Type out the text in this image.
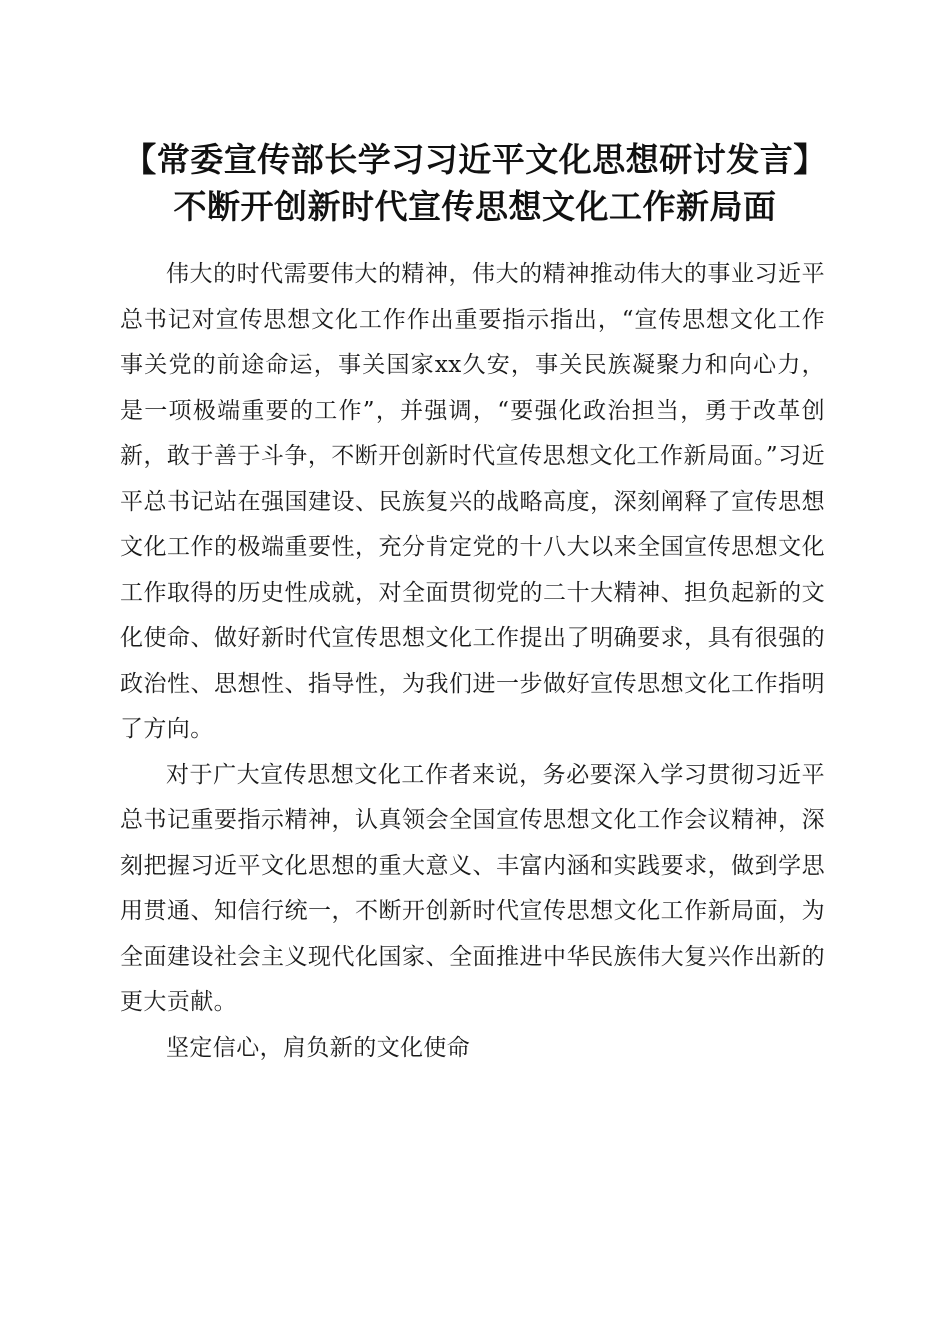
【常委宣传部长学习习近平文化思想研讨发言】不断开创新时代宣传思想文化工作新局面

伟大的时代需要伟大的精神，伟大的精神推动伟大的事业习近平总书记对宣传思想文化工作作出重要指示指出，“宣传思想文化工作事关党的前途命运，事关国家xx久安，事关民族凝聚力和向心力，是一项极端重要的工作”，并强调，“要强化政治担当，勇于改革创新，敢于善于斗争，不断开创新时代宣传思想文化工作新局面。”习近平总书记站在强国建设、民族复兴的战略高度，深刻阐释了宣传思想文化工作的极端重要性，充分肯定党的十八大以来全国宣传思想文化工作取得的历史性成就，对全面贯彻党的二十大精神、担负起新的文化使命、做好新时代宣传思想文化工作提出了明确要求，具有很强的政治性、思想性、指导性，为我们进一步做好宣传思想文化工作指明了方向。

对于广大宣传思想文化工作者来说，务必要深入学习贯彻习近平总书记重要指示精神，认真领会全国宣传思想文化工作会议精神，深刻把握习近平文化思想的重大意义、丰富内涵和实践要求，做到学思用贯通、知信行统一，不断开创新时代宣传思想文化工作新局面，为全面建设社会主义现代化国家、全面推进中华民族伟大复兴作出新的更大贡献。

坚定信心，肩负新的文化使命
